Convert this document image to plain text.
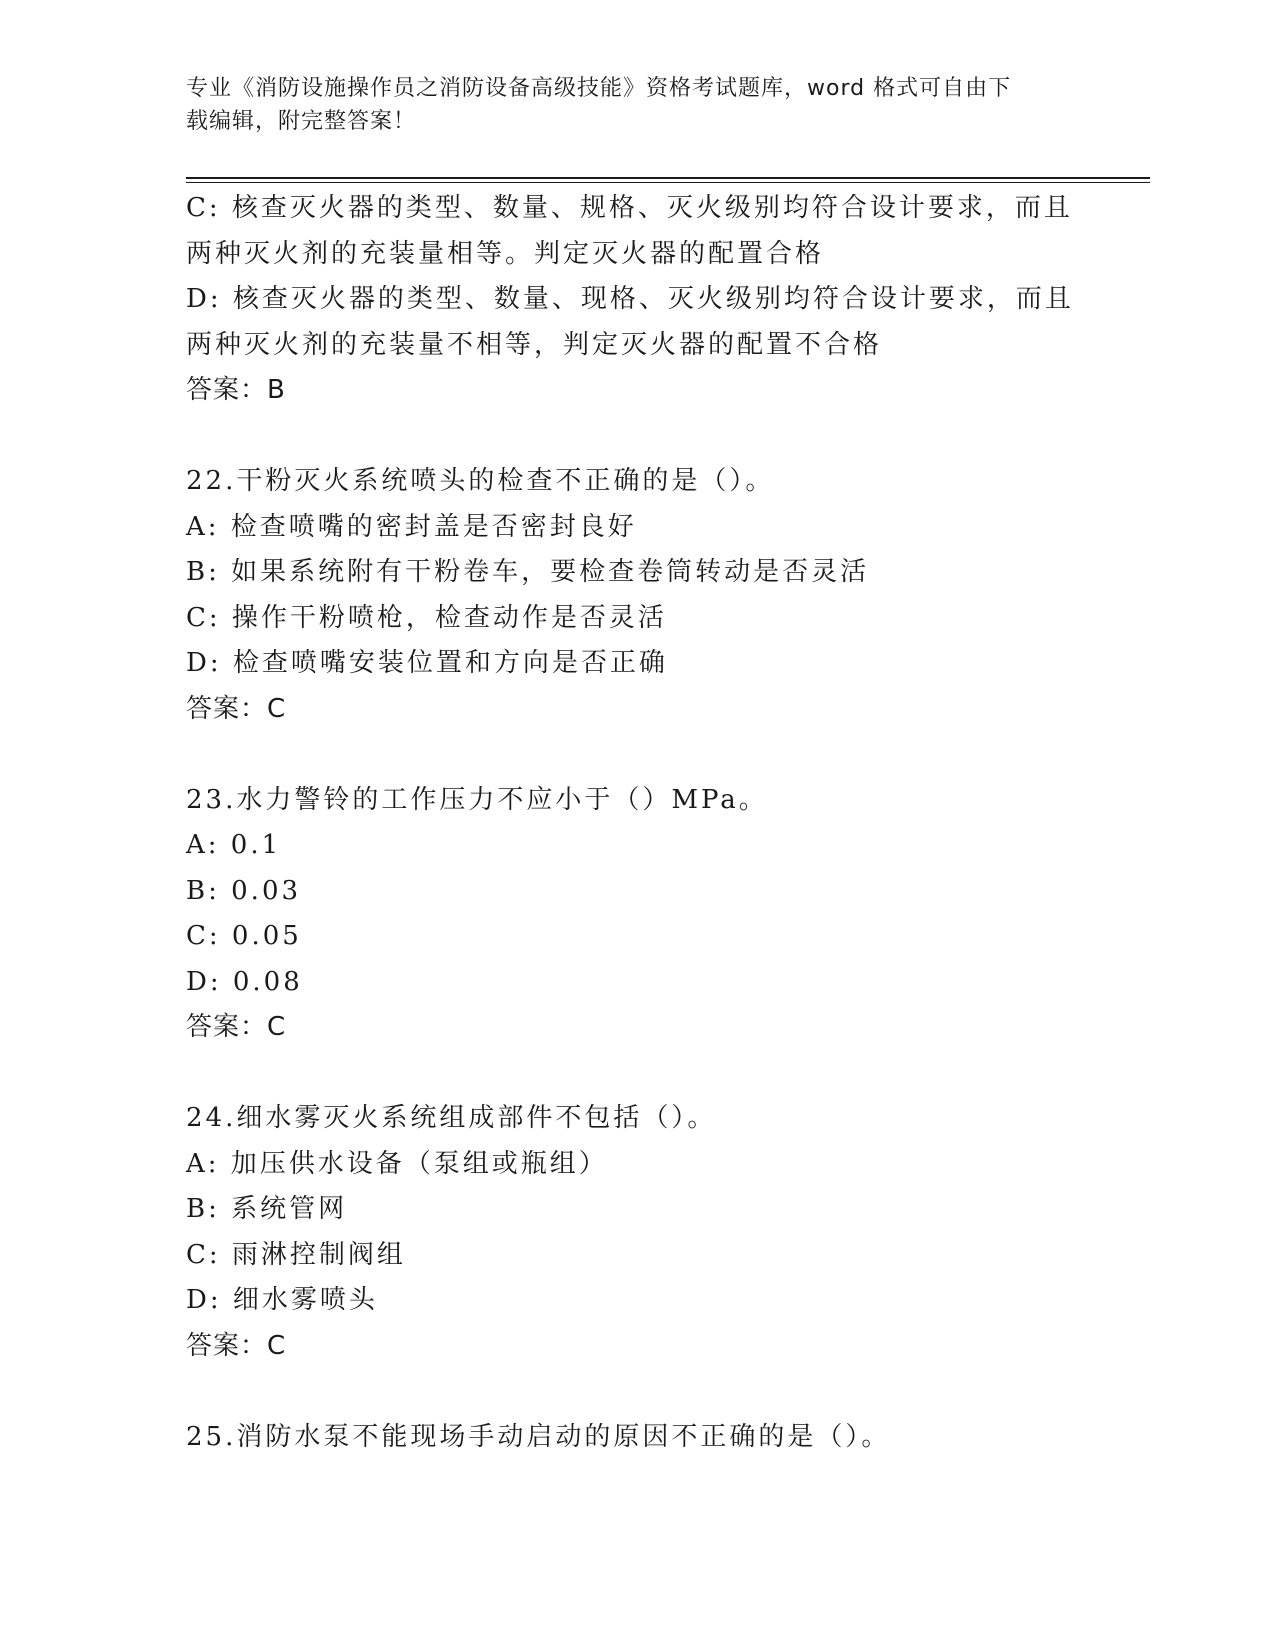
专业《消防设施操作员之消防设备高级技能》资格考试题库，word 格式可自由下
载编辑，附完整答案！
C: 核查灭火器的类型、数量、规格、灭火级别均符合设计要求，而且
两种灭火剂的充装量相等。判定灭火器的配置合格
D: 核查灭火器的类型、数量、现格、灭火级别均符合设计要求，而且
两种灭火剂的充装量不相等，判定灭火器的配置不合格
答案：B
22.干粉灭火系统喷头的检查不正确的是（）。
A: 检查喷嘴的密封盖是否密封良好
B: 如果系统附有干粉卷车，要检查卷筒转动是否灵活
C: 操作干粉喷枪，检查动作是否灵活
D: 检查喷嘴安装位置和方向是否正确
答案：C
23.水力警铃的工作压力不应小于（）MPa。
A: 0.1
B: 0.03
C: 0.05
D: 0.08
答案：C
24.细水雾灭火系统组成部件不包括（）。
A: 加压供水设备（泵组或瓶组）
B: 系统管网
C: 雨淋控制阀组
D: 细水雾喷头
答案：C
25.消防水泵不能现场手动启动的原因不正确的是（）。
